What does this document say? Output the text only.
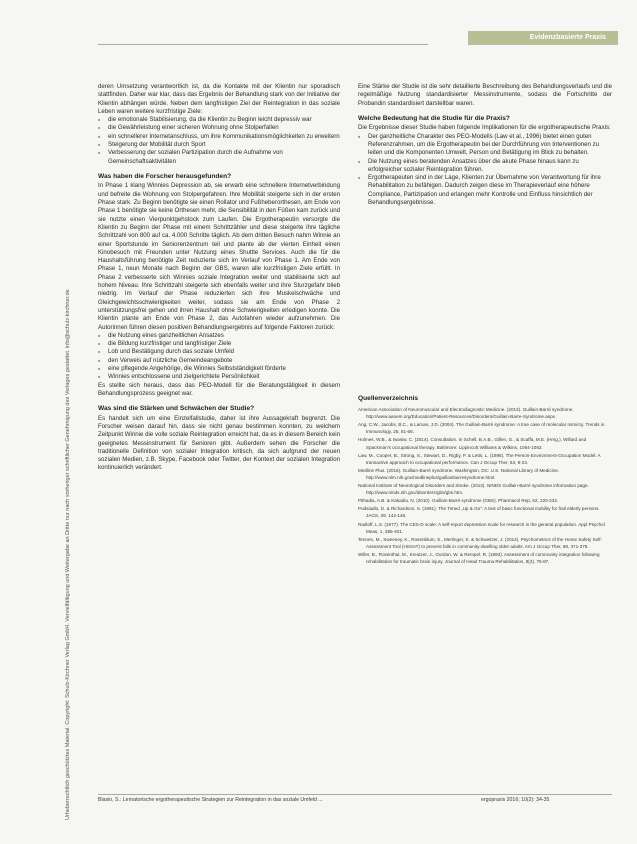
Evidenzbasierte Praxis
Urheberrechtlich geschütztes Material. Copyright: Schulz-Kirchner Verlag GmbH. Vervielfältigung und Weitergabe an Dritte nur nach vorheriger schriftlicher Genehmigung des Verlages gestattet. info@schulz-kirchner.de

deren Umsetzung verantwortlich ist, da die Kontakte mit der Klientin nur sporadisch stattfinden. Daher war klar, dass das Ergebnis der Behandlung stark von der Initiative der Klientin abhängen würde. Neben dem langfristigen Ziel der Reintegration in das soziale Leben waren weitere kurzfristige Ziele:

■ die emotionale Stabilisierung, da die Klientin zu Beginn leicht depressiv war
■ die Gewährleistung einer sicheren Wohnung ohne Stolperfallen
■ ein schnellerer Internetanschluss, um ihre Kommunikationsmöglichkeiten zu erweitern
■ Steigerung der Mobilität durch Sport
■ Verbesserung der sozialen Partizipation durch die Aufnahme von Gemeinschaftsaktivitäten
Was haben die Forscher herausgefunden?

In Phase 1 klang Winnies Depression ab, sie erwarb eine schnellere Internetverbindung und befreite die Wohnung von Stolpergefahren. Ihre Mobilität steigerte sich in der ersten Phase stark. Zu Beginn benötigte sie einen Rollator und Fußheberorthesen, am Ende von Phase 1 benötigte sie keine Orthesen mehr, die Sensibilität in den Füßen kam zurück und sie nutzte einen Vierpunktgehstock zum Laufen. Die Ergotherapeutin versorgte die Klientin zu Beginn der Phase mit einem Schrittzähler und diese steigerte ihre tägliche Schrittzahl von 800 auf ca. 4.000 Schritte täglich. Ab dem dritten Besuch nahm Winnie an einer Sportstunde im Seniorenzentrum teil und plante ab der vierten Einheit einen Kinobesuch mit Freunden unter Nutzung eines Shuttle Services. Auch die für die Haushaltsführung benötigte Zeit reduzierte sich im Verlauf von Phase 1. Am Ende von Phase 1, neun Monate nach Beginn der GBS, waren alle kurzfristigen Ziele erfüllt. In Phase 2 verbesserte sich Winnies soziale Integration weiter und stabilisierte sich auf hohem Niveau. Ihre Schrittzahl steigerte sich ebenfalls weiter und ihre Sturzgefahr blieb niedrig. Im Verlauf der Phase reduzierten sich ihre Muskelschwäche und Gleichgewichtsschwierigkeiten weiter, sodass sie am Ende von Phase 2 unterstützungsfrei gehen und ihren Haushalt ohne Schwierigkeiten erledigen konnte. Die Klientin plante am Ende von Phase 2, das Autofahren wieder aufzunehmen. Die Autorinnen führen diesen positiven Behandlungsergebnis auf folgende Faktoren zurück:

■ die Nutzung eines ganzheitlichen Ansatzes
■ die Bildung kurzfristiger und langfristiger Ziele
■ Lob und Bestätigung durch das soziale Umfeld
■ den Verweis auf nützliche Gemeindeangebote
■ eine pflegende Angehörige, die Winnies Selbstständigkeit förderte
■ Winnies entschlossene und zielgerichtete Persönlichkeit

Es stellte sich heraus, dass das PEO-Modell für die Beratungstätigkeit in diesem Behandlungsprozess geeignet war.

Was sind die Stärken und Schwächen der Studie?

Es handelt sich um eine Einzelfallstudie, daher ist ihre Aussagekraft begrenzt. Die Forscher weisen darauf hin, dass sie nicht genau bestimmen konnten, zu welchem Zeitpunkt Winnie die volle soziale Reintegration erreicht hat, da es in diesem Bereich kein geeignetes Messinstrument für Senioren gibt. Außerdem sehen die Forscher die traditionelle Definition von sozialer Integration kritisch, da sich aufgrund der neuen sozialen Medien, z.B. Skype, Facebook oder Twitter, der Kontext der sozialen Integration kontinuierlich verändert.

Eine Stärke der Studie ist die sehr detaillierte Beschreibung des Behandlungsverlaufs und die regelmäßige Nutzung standardisierter Messinstrumente, sodass die Fortschritte der Probandin standardisiert darstellbar waren.

Welche Bedeutung hat die Studie für die Praxis?

Die Ergebnisse dieser Studie haben folgende Implikationen für die ergotherapeutische Praxis:

■ Der ganzheitliche Charakter des PEO-Modells (Law et al., 1996) bietet einen guten Referenzrahmen, um die Ergotherapeutin bei der Durchführung von Interventionen zu leiten und die Komponenten Umwelt, Person und Betätigung im Blick zu behalten.
■ Die Nutzung eines beratenden Ansatzes über die akute Phase hinaus kann zu erfolgreicher sozialer Reintegration führen.
■ Ergotherapeuten sind in der Lage, Klienten zur Übernahme von Verantwortung für ihre Rehabilitation zu befähigen. Dadurch zeigen diese im Therapieverlauf eine höhere Compliance, Partizipation und erlangen mehr Kontrolle und Einfluss hinsichtlich der Behandlungsergebnisse.
Quellenverzeichnis

American Association of Neuromuscular and Electrodiagnostic Medicine. (2013). Guillain-Barré syndrome. http://www.aanem.org/Education/Patient-Resources/Disorders/Guillain-Barre-Syndrome.aspx.

Ang, C.W., Jacobs, B.C., & Laman, J.D. (2004). The Guillain-Barré syndrome: A true case of molecular mimicry. Trends in Immunology, 25, 61-66.

Holmes, W.B., & Iwasiw, C. (2014). Consultation. In Schell, B.A.B., Gillen, G., & Scaffa, M.E. (Hrsg.), Willard and Spackman's occupational therapy. Baltimore: Lippincott Williams & Wilkins, 1064-1082.

Law, M., Cooper, B., Strong, S., Stewart, D., Rigby, P. & Letts, L. (1996). The Person-Environment-Occupation Model: A transactive approach to occupational performance. Can J Occup Ther, 63, 9-23.

Medline Plus. (2016). Guillain-Barré syndrome. Washington, DC: U.S. National Library of Medicine. http://www.nlm.nih.gov/medlineplus/guillainbarresyndrome.html.

National Institute of Neurological Disorders and Stroke. (2013). NINDS Guillain-Barré syndrome information page. http://www.ninds.nih.gov/disorders/gbs/gbs.htm.

Pithadia, A.B. & Kakadia, N. (2010). Guillain-Barré syndrome (GBS). Pharmacol Rep, 62, 220-232.

Podsiadlo, D. & Richardson, S. (1991). The Timed „Up & Go": A test of basic functional mobility for frail elderly persons. JAGS, 39, 142-148.

Radloff, L.S. (1977). The CES-D scale: A self-report depression scale for research in the general population. Appl Psychol Meas, 1, 385-401.

Tennen, M., Sweeney, K., Rosenblum, S., Merlinger, S. & Schweitzer, J. (2014). Psychometrics of the Home Safety Self-Assessment Tool (HSSAT) to prevent falls in community-dwelling older adults. Am J Occup Ther, 68, 371-378.

Willer, B., Rosenthal, M., Kreutzer, J., Gordon, W. & Rempel, R. (1993). Assessment of community integration following rehabilitation for traumatic brain injury. Journal of Head Trauma Rehabilitation, 8(2), 75-87.

Blasio, S.: Lernatorische ergotherapeutische Strategien zur Reintegration in das soziale Umfeld ...	ergopraxis 2016; 10(2): 34-35
